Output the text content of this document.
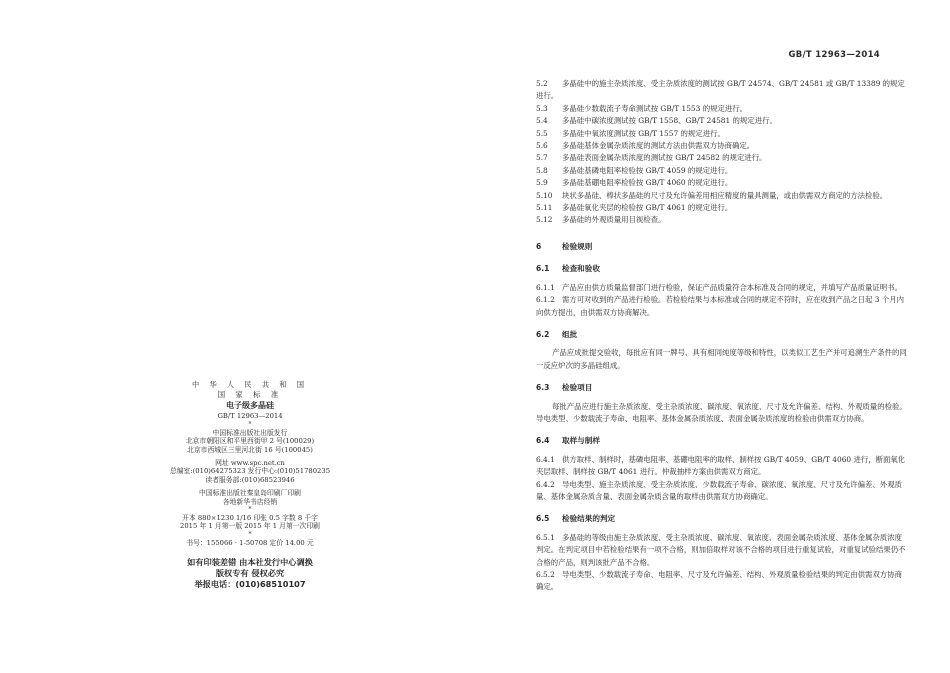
GB/T 12963—2014

5.2 多晶硅中的施主杂质浓度、受主杂质浓度的测试按 GB/T 24574、GB/T 24581 或 GB/T 13389 的规定进行。

5.3 多晶硅少数载流子寿命测试按 GB/T 1553 的规定进行。

5.4 多晶硅中碳浓度测试按 GB/T 1558、GB/T 24581 的规定进行。

5.5 多晶硅中氧浓度测试按 GB/T 1557 的规定进行。

5.6 多晶硅基体金属杂质浓度的测试方法由供需双方协商确定。

5.7 多晶硅表面金属杂质浓度的测试按 GB/T 24582 的规定进行。

5.8 多晶硅基磷电阻率检验按 GB/T 4059 的规定进行。

5.9 多晶硅基硼电阻率检验按 GB/T 4060 的规定进行。

5.10 块状多晶硅、棒状多晶硅的尺寸及允许偏差用相应精度的量具测量，或由供需双方商定的方法检验。

5.11 多晶硅氧化夹层的检验按 GB/T 4061 的规定进行。

5.12 多晶硅的外观质量用目视检查。

6	检验规则

6.1 检查和验收

6.1.1 产品应由供方质量监督部门进行检验，保证产品质量符合本标准及合同的规定，并填写产品质量证明书。

6.1.2 需方可对收到的产品进行检验。若检验结果与本标准或合同的规定不符时，应在收到产品之日起 3 个月内向供方提出，由供需双方协商解决。

6.2 组批

产品应成批提交验收，每批应有同一牌号、具有相同纯度等级和特性，以类似工艺生产并可追溯生产条件的同一反应炉次的多晶硅组成。

6.3 检验项目

每批产品应进行施主杂质浓度、受主杂质浓度、碳浓度、氧浓度、尺寸及允许偏差、结构、外观质量的检验。导电类型、少数载流子寿命、电阻率、基体金属杂质浓度、表面金属杂质浓度的检验由供需双方协商。

6.4 取样与制样

6.4.1 供方取样、制样时，基磷电阻率、基硼电阻率的取样、制样按 GB/T 4059、GB/T 4060 进行，断面氧化夹层取样、制样按 GB/T 4061 进行。仲裁抽样方案由供需双方商定。

6.4.2 导电类型、施主杂质浓度、受主杂质浓度、少数载流子寿命、碳浓度、氧浓度、尺寸及允许偏差、外观质量、基体金属杂质含量、表面金属杂质含量的取样由供需双方协商确定。

6.5 检验结果的判定

6.5.1 多晶硅的等级由施主杂质浓度、受主杂质浓度、碳浓度、氧浓度、表面金属杂质浓度、基体金属杂质浓度判定。在判定项目中若检验结果有一项不合格，则加倍取样对该不合格的项目进行重复试验，对重复试验结果仍不合格的产品，则判该批产品不合格。

6.5.2 导电类型、少数载流子寿命、电阻率、尺寸及允许偏差、结构、外观质量检验结果的判定由供需双方协商确定。

中 华 人 民 共 和 国

国 家 标 准

电子级多晶硅

GB/T 12963—2014

*

中国标准出版社出版发行

北京市朝阳区和平里西街甲 2 号(100029)

北京市西城区三里河北街 16 号(100045)

网址 www.spc.net.cn

总编室:(010)64275323 发行中心:(010)51780235

读者服务部:(010)68523946

中国标准出版社秦皇岛印刷厂印刷

各地新华书店经销

*

开本 880×1230 1/16 印张 0.5 字数 8 千字

2015 年 1 月第一版 2015 年 1 月第一次印刷

*

书号：155066 · 1-50708 定价 14.00 元

如有印装差错 由本社发行中心调换

版权专有 侵权必究

举报电话：(010)68510107
